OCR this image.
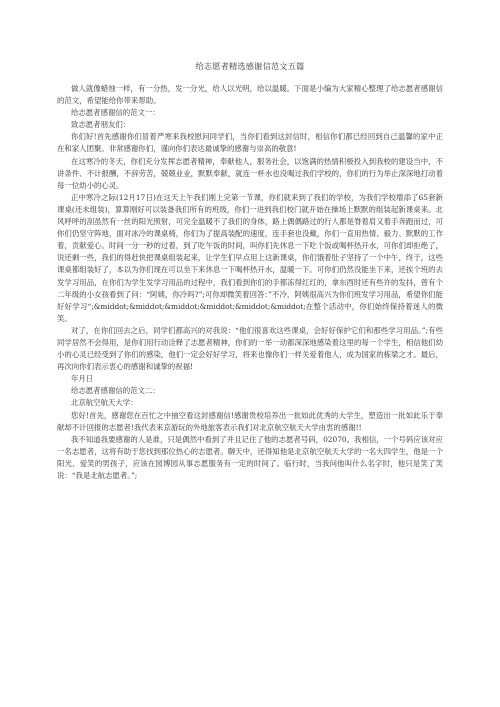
给志愿者精选感谢信范文五篇

做人就像蜡烛一样，有一分热，发一分光，给人以光明，给以温暖。下面是小编为大家精心整理了给志愿者感谢信的范文，希望能给你带来帮助。

给志愿者感谢信的范文一：

致志愿者朋友们：

你们好!首先感谢你们冒着严寒来我校慰问同学们，当你们看到这封信时，相信你们都已经回到自己温馨的家中正在和家人团聚。非常感谢你们，谨向你们表达最诚挚的感谢与崇高的敬意!

在这寒冷的冬天，你们充分发挥志愿者精神，奉献他人，服务社会，以饱满的热情积极投入到我校的建设当中，不讲条件、不计报酬，不辞劳苦，兢兢业业，默默奉献，就连一杯水也没喝过我们学校的，你们的行为举止深深地打动着每一位幼小的心灵。

正中寒冷之际(12月17日)在这天上午我们刚上完第一节课，你们就来到了我们的学校，为我们学校增添了65套新课桌(还未组装)，算算刚好可以装备我们所有的班级，你们一进到我们校门就开始在操场上默默的组装起新课桌来。北风呼呼的刮虽然有一丝的阳光照射，可完全温暖不了我们的身体，路上偶偶路过的行人都是脊着肩又着手奔跑而过，可你们仍坚守阵地，面对冰冷的课桌椅，你们为了提高装配的速度，连手套也没戴，你们一直用热情、毅力、默默的工作着，贡献爱心。时间一分一秒的过着，到了吃午饭的时间，叫你们先休息一下吃个饭或喝杯热开水，可你们却拒绝了，说还剩一些，我们的得赶快把课桌组装起来，让学生们早点用上这新课桌，你们饿着肚子坚持了一个中午，终于，这些课桌都组装好了，本以为你们现在可以坐下来休息一下喝杯热开水，温暖一下。可你们仍然没能坐下来，还挨个班的去发学习用品，在你们为学生发学习用品的过程中，我们看到你们的手都冻得红红的，拿东西时还有些许的发抖，曾有个二年级的小女孩看到了问：“阿姨，你冷吗?”;可你却微笑着回答：”不冷，阿姨很高兴为你们班发学习用品，希望你们能好好学习“;&middot;&middot;&middot;&middot;&middot;&middot;在整个活动中，你们始终保持着迷人的微笑。

对了，在你们回去之后，同学们都高兴的对我说：“他们很喜欢这些课桌，会好好保护它们和那些学习用品。”;有些同学居然不会得用，是你们用行动诠释了志愿者精神，你们的一举一动都深深地感染着这里的每一个学生，相信他们幼小的心灵已经受到了你们的感染，他们一定会好好学习，将来也像你们一样关爱着他人，成为国家的栋梁之才。最后，再次向你们表示衷心的感谢和诚挚的祝福!

年月日

给志愿者感谢信的范文二：

北京航空航天大学：

您好!首先，感谢您在百忙之中抽空看这封感谢信!感谢贵校培养出一批如此优秀的大学生，塑造出一批如此乐于奉献却不计回报的志愿者!我代表来京游玩的外地旅客表示我们对北京航空航天大学由衷的感谢!!

我不知道我要感谢的人是谁，只是偶然中看到了并且记住了他的志愿者号码，02070。我相信，一个号码应该对应一名志愿者，这将有助于您找到那位热心的志愿者。聊天中，还得知他是北京航空航天大学的一名大四学生，他是一个阳光、爱笑的男孩子，应该在园博园从事志愿服务有一定的时间了。临行时，当我问他叫什么名字时，他只是笑了笑说：“我是北航志愿者。”;
